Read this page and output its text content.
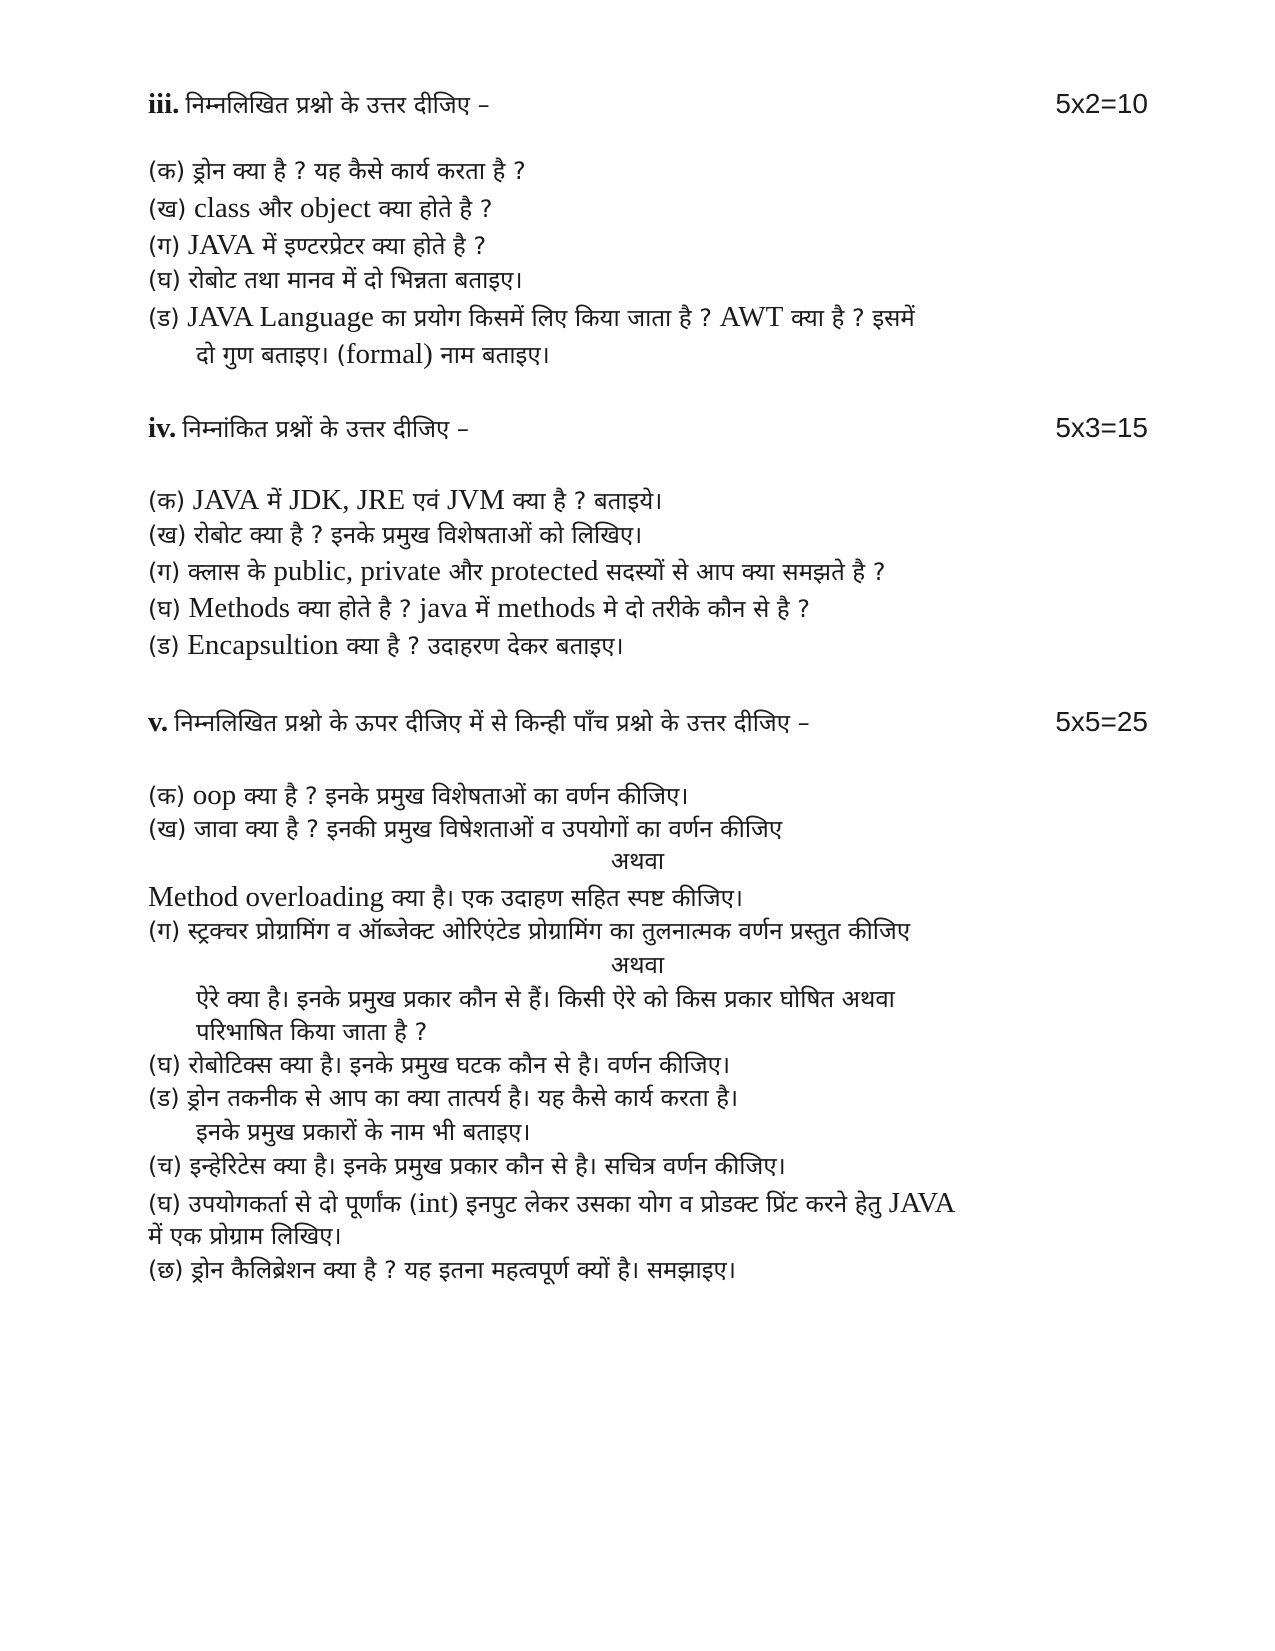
iii. निम्नलिखित प्रश्नो के उत्तर दीजिए –	5x2=10
(क) ड्रोन क्या है ? यह कैसे कार्य करता है ?
(ख) class और object क्या होते है ?
(ग) JAVA में इण्टरप्रेटर क्या होते है ?
(घ) रोबोट तथा मानव में दो भिन्नता बताइए।
(ड) JAVA Language का प्रयोग किसमें लिए किया जाता है ? AWT क्या है ? इसमें
दो गुण बताइए। (formal) नाम बताइए।
iv. निम्नांकित प्रश्नों के उत्तर दीजिए –	5x3=15
(क) JAVA में JDK, JRE एवं JVM क्या है ? बताइये।
(ख) रोबोट क्या है ? इनके प्रमुख विशेषताओं को लिखिए।
(ग) क्लास के public, private और protected सदस्यों से आप क्या समझते है ?
(घ) Methods क्या होते है ? java में methods मे दो तरीके कौन से है ?
(ड) Encapsultion क्या है ? उदाहरण देकर बताइए।
v. निम्नलिखित प्रश्नो के ऊपर दीजिए में से किन्ही पाँच प्रश्नो के उत्तर दीजिए –	5x5=25
(क) oop क्या है ? इनके प्रमुख विशेषताओं का वर्णन कीजिए।
(ख) जावा क्या है ? इनकी प्रमुख विषेशताओं व उपयोगों का वर्णन कीजिए
अथवा
Method overloading क्या है। एक उदाहण सहित स्पष्ट कीजिए।
(ग) स्ट्रक्चर प्रोग्रामिंग व ऑब्जेक्ट ओरिएंटेड प्रोग्रामिंग का तुलनात्मक वर्णन प्रस्तुत कीजिए
अथवा
ऐरे क्या है। इनके प्रमुख प्रकार कौन से हैं। किसी ऐरे को किस प्रकार घोषित अथवा
परिभाषित किया जाता है ?
(घ) रोबोटिक्स क्या है। इनके प्रमुख घटक कौन से है। वर्णन कीजिए।
(ड) ड्रोन तकनीक से आप का क्या तात्पर्य है। यह कैसे कार्य करता है।
इनके प्रमुख प्रकारों के नाम भी बताइए।
(च) इन्हेरिटेस क्या है। इनके प्रमुख प्रकार कौन से है। सचित्र वर्णन कीजिए।
(घ) उपयोगकर्ता से दो पूर्णांक (int) इनपुट लेकर उसका योग व प्रोडक्ट प्रिंट करने हेतु JAVA
में एक प्रोग्राम लिखिए।
(छ) ड्रोन कैलिब्रेशन क्या है ? यह इतना महत्वपूर्ण क्यों है। समझाइए।
